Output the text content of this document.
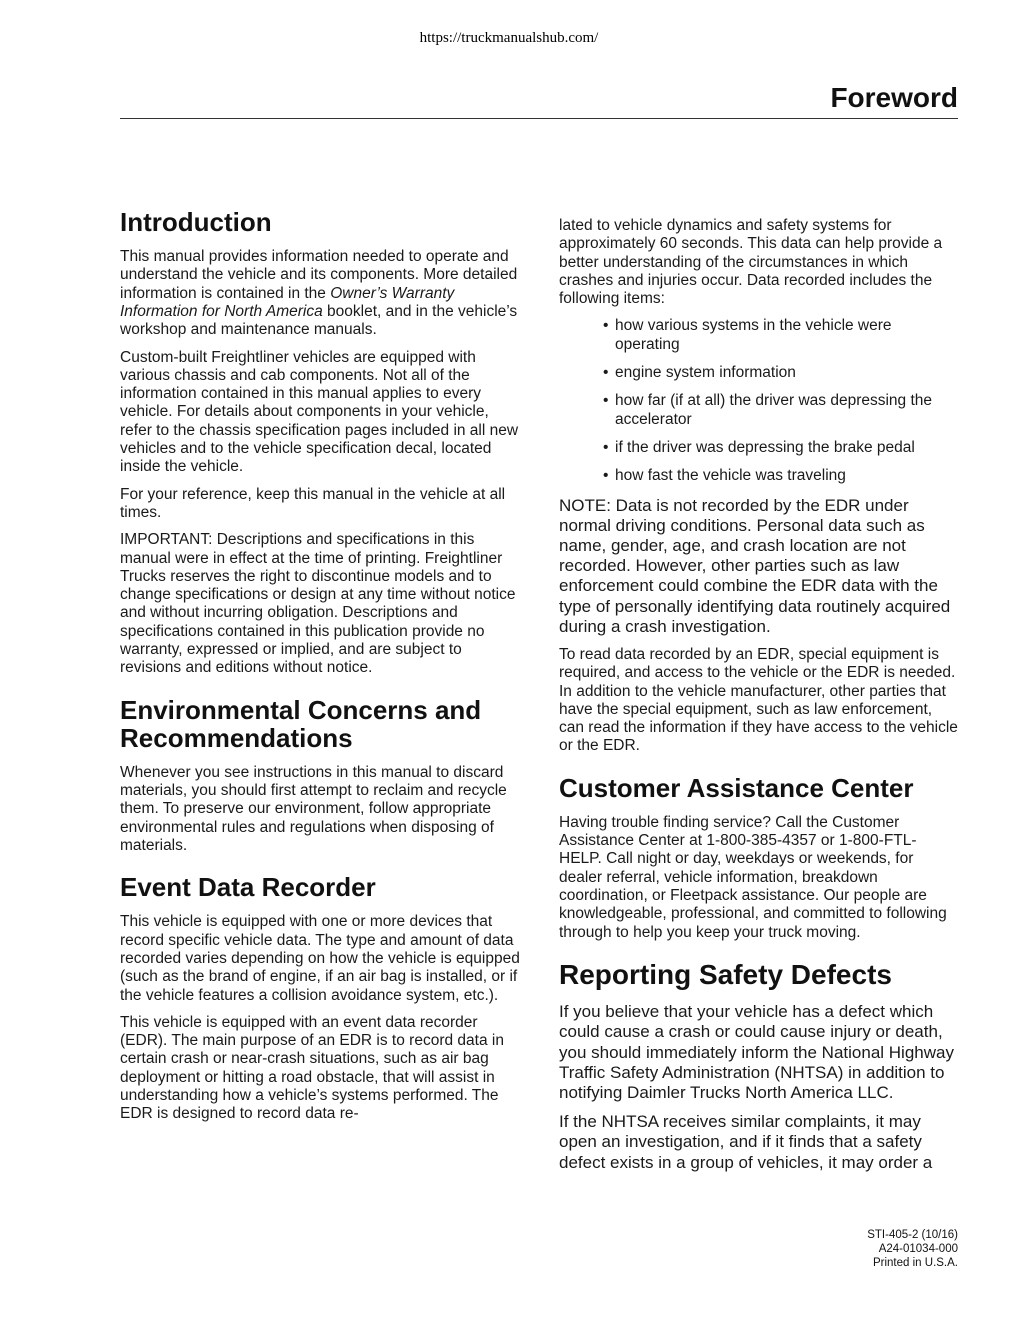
https://truckmanualshub.com/
Foreword
Introduction

This manual provides information needed to operate and understand the vehicle and its components. More detailed information is contained in the Owner’s Warranty Information for North America booklet, and in the vehicle’s workshop and maintenance manuals.

Custom-built Freightliner vehicles are equipped with various chassis and cab components. Not all of the information contained in this manual applies to every vehicle. For details about components in your vehicle, refer to the chassis specification pages included in all new vehicles and to the vehicle specification decal, located inside the vehicle.

For your reference, keep this manual in the vehicle at all times.

IMPORTANT: Descriptions and specifications in this manual were in effect at the time of printing. Freightliner Trucks reserves the right to discontinue models and to change specifications or design at any time without notice and without incurring obligation. Descriptions and specifications contained in this publication provide no warranty, expressed or implied, and are subject to revisions and editions without notice.

Environmental Concerns and Recommendations

Whenever you see instructions in this manual to discard materials, you should first attempt to reclaim and recycle them. To preserve our environment, follow appropriate environmental rules and regulations when disposing of materials.

Event Data Recorder

This vehicle is equipped with one or more devices that record specific vehicle data. The type and amount of data recorded varies depending on how the vehicle is equipped (such as the brand of engine, if an air bag is installed, or if the vehicle features a collision avoidance system, etc.).

This vehicle is equipped with an event data recorder (EDR). The main purpose of an EDR is to record data in certain crash or near-crash situations, such as air bag deployment or hitting a road obstacle, that will assist in understanding how a vehicle’s systems performed. The EDR is designed to record data re-

lated to vehicle dynamics and safety systems for approximately 60 seconds. This data can help provide a better understanding of the circumstances in which crashes and injuries occur. Data recorded includes the following items:

• how various systems in the vehicle were operating
• engine system information
• how far (if at all) the driver was depressing the accelerator
• if the driver was depressing the brake pedal
• how fast the vehicle was traveling

NOTE: Data is not recorded by the EDR under normal driving conditions. Personal data such as name, gender, age, and crash location are not recorded. However, other parties such as law enforcement could combine the EDR data with the type of personally identifying data routinely acquired during a crash investigation.

To read data recorded by an EDR, special equipment is required, and access to the vehicle or the EDR is needed. In addition to the vehicle manufacturer, other parties that have the special equipment, such as law enforcement, can read the information if they have access to the vehicle or the EDR.

Customer Assistance Center

Having trouble finding service? Call the Customer Assistance Center at 1-800-385-4357 or 1-800-FTL-HELP. Call night or day, weekdays or weekends, for dealer referral, vehicle information, breakdown coordination, or Fleetpack assistance. Our people are knowledgeable, professional, and committed to following through to help you keep your truck moving.

Reporting Safety Defects

If you believe that your vehicle has a defect which could cause a crash or could cause injury or death, you should immediately inform the National Highway Traffic Safety Administration (NHTSA) in addition to notifying Daimler Trucks North America LLC.

If the NHTSA receives similar complaints, it may open an investigation, and if it finds that a safety defect exists in a group of vehicles, it may order a

STI-405-2 (10/16)
A24-01034-000
Printed in U.S.A.
